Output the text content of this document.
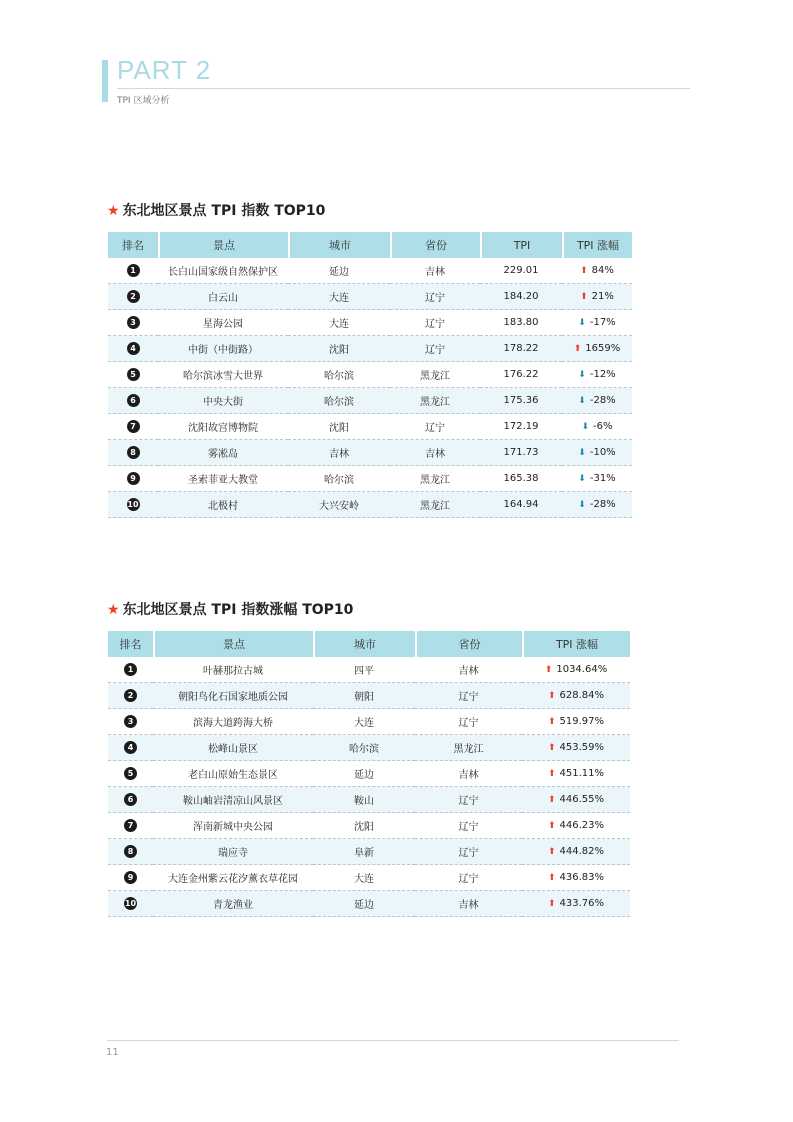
PART 2
TPI 区域分析
★ 东北地区景点 TPI 指数 TOP10
排名	景点	城市	省份	TPI	TPI 涨幅
1	长白山国家级自然保护区	延边	吉林	229.01	⬆ 84%
2	白云山	大连	辽宁	184.20	⬆ 21%
3	星海公园	大连	辽宁	183.80	⬇ -17%
4	中街（中街路）	沈阳	辽宁	178.22	⬆ 1659%
5	哈尔滨冰雪大世界	哈尔滨	黑龙江	176.22	⬇ -12%
6	中央大街	哈尔滨	黑龙江	175.36	⬇ -28%
7	沈阳故宫博物院	沈阳	辽宁	172.19	⬇ -6%
8	雾凇岛	吉林	吉林	171.73	⬇ -10%
9	圣索菲亚大教堂	哈尔滨	黑龙江	165.38	⬇ -31%
10	北极村	大兴安岭	黑龙江	164.94	⬇ -28%
★ 东北地区景点 TPI 指数涨幅 TOP10
排名	景点	城市	省份	TPI 涨幅
1	叶赫那拉古城	四平	吉林	⬆ 1034.64%
2	朝阳鸟化石国家地质公园	朝阳	辽宁	⬆ 628.84%
3	滨海大道跨海大桥	大连	辽宁	⬆ 519.97%
4	松峰山景区	哈尔滨	黑龙江	⬆ 453.59%
5	老白山原始生态景区	延边	吉林	⬆ 451.11%
6	鞍山岫岩清凉山风景区	鞍山	辽宁	⬆ 446.55%
7	浑南新城中央公园	沈阳	辽宁	⬆ 446.23%
8	瑞应寺	阜新	辽宁	⬆ 444.82%
9	大连金州紫云花汐薰衣草花园	大连	辽宁	⬆ 436.83%
10	青龙渔业	延边	吉林	⬆ 433.76%
11
